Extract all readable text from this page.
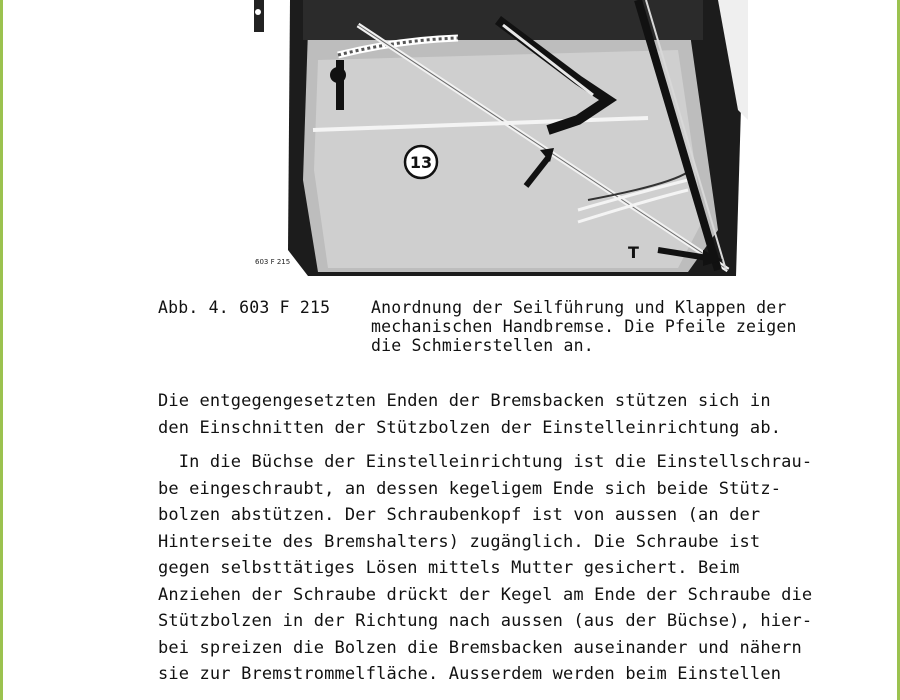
T
13
603 F 215
Abb. 4. 603 F 215 Anordnung der Seilführung und Klappen der
mechanischen Handbremse. Die Pfeile zeigen
die Schmierstellen an.
Die entgegengesetzten Enden der Bremsbacken stützen sich in
den Einschnitten der Stützbolzen der Einstelleinrichtung ab.
In die Büchse der Einstelleinrichtung ist die Einstellschrau-
be eingeschraubt, an dessen kegeligem Ende sich beide Stütz-
bolzen abstützen. Der Schraubenkopf ist von aussen (an der
Hinterseite des Bremshalters) zugänglich. Die Schraube ist
gegen selbsttätiges Lösen mittels Mutter gesichert. Beim
Anziehen der Schraube drückt der Kegel am Ende der Schraube die
Stützbolzen in der Richtung nach aussen (aus der Büchse), hier-
bei spreizen die Bolzen die Bremsbacken auseinander und nähern
sie zur Bremstrommelfläche. Ausserdem werden beim Einstellen
